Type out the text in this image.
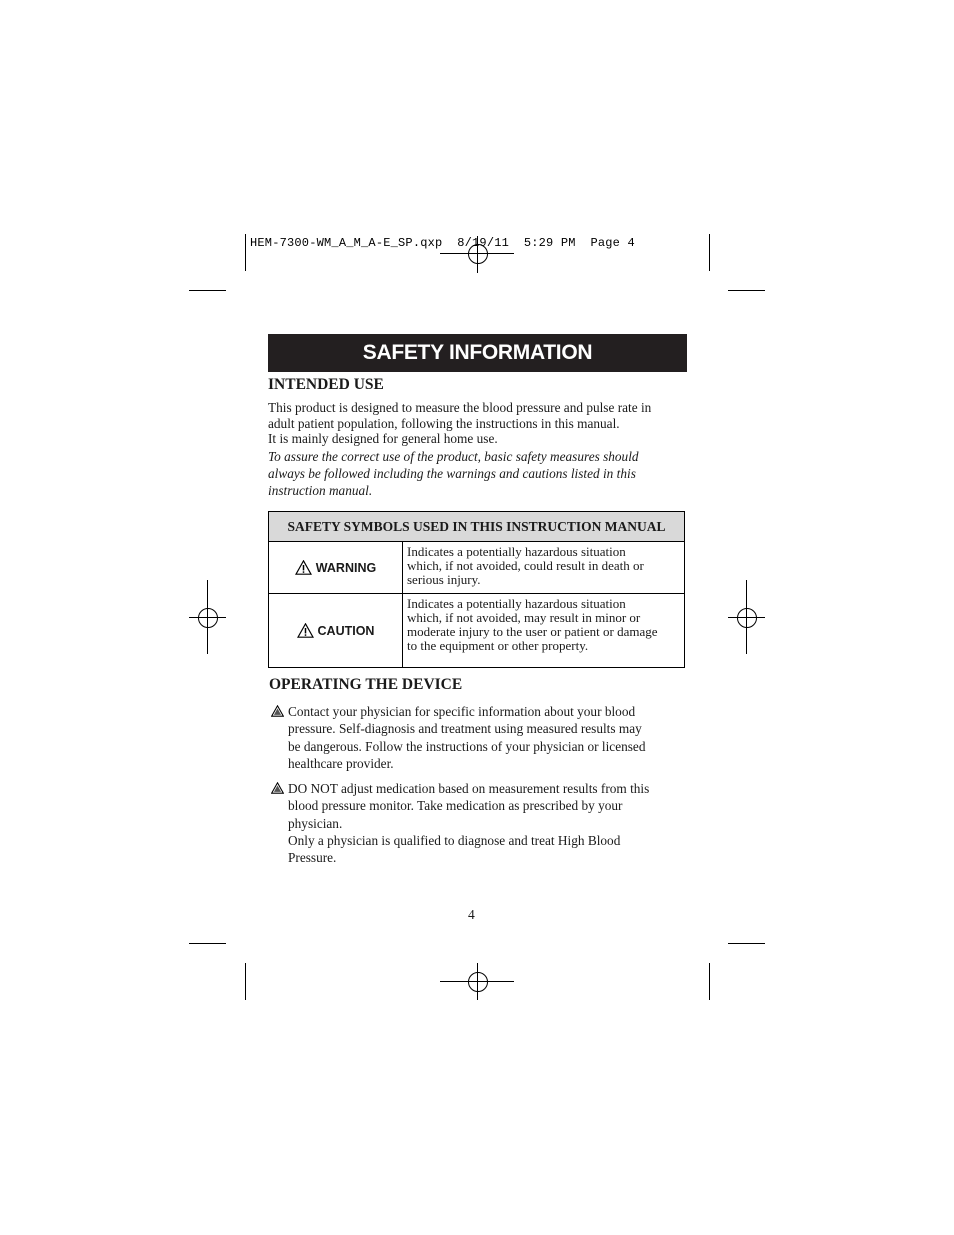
HEM-7300-WM_A_M_A-E_SP.qxp  8/19/11  5:29 PM  Page 4
SAFETY INFORMATION
INTENDED USE
This product is designed to measure the blood pressure and pulse rate in
adult patient population, following the instructions in this manual.
It is mainly designed for general home use.
To assure the correct use of the product, basic safety measures should
always be followed including the warnings and cautions listed in this
instruction manual.
SAFETY SYMBOLS USED IN THIS INSTRUCTION MANUAL	

WARNING	Indicates a potentially hazardous situation
which, if not avoided, could result in death or
serious injury.

CAUTION	Indicates a potentially hazardous situation
which, if not avoided, may result in minor or
moderate injury to the user or patient or damage
to the equipment or other property.
OPERATING THE DEVICE
Contact your physician for specific information about your blood
pressure. Self-diagnosis and treatment using measured results may
be dangerous. Follow the instructions of your physician or licensed
healthcare provider.
DO NOT adjust medication based on measurement results from this
blood pressure monitor. Take medication as prescribed by your
physician.
Only a physician is qualified to diagnose and treat High Blood
Pressure.
4
